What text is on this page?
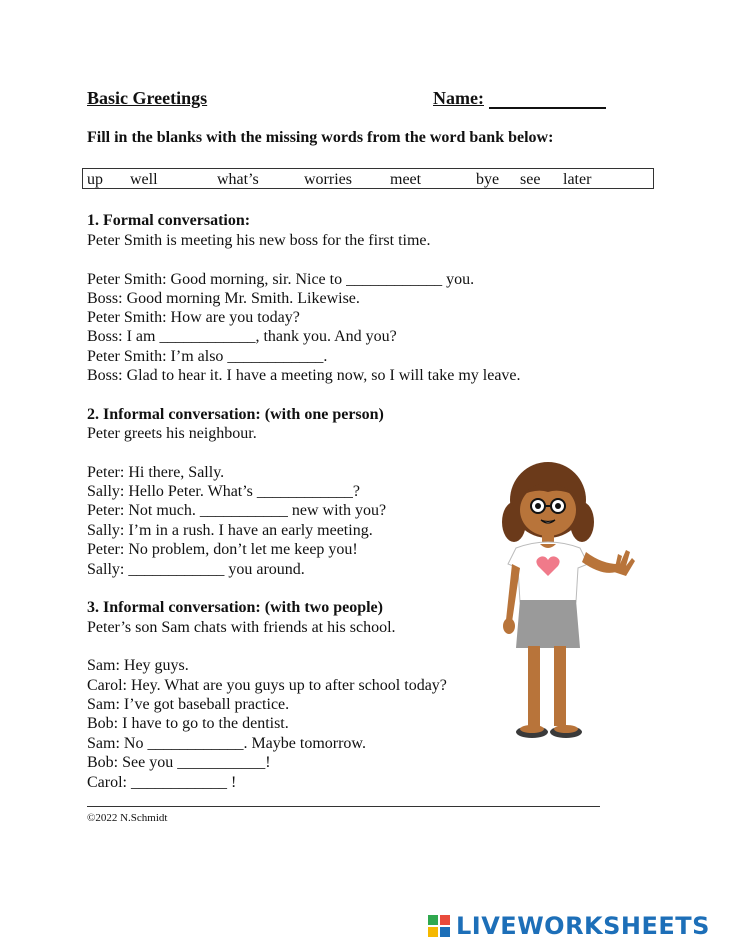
Basic Greetings	Name:
Fill in the blanks with the missing words from the word bank below:
up well	what’s	worries meet	bye see later
1. Formal conversation:
Peter Smith is meeting his new boss for the first time.
Peter Smith: Good morning, sir. Nice to ____________ you.
Boss: Good morning Mr. Smith. Likewise.
Peter Smith: How are you today?
Boss: I am ____________, thank you. And you?
Peter Smith: I’m also ____________.
Boss: Glad to hear it. I have a meeting now, so I will take my leave.
2. Informal conversation: (with one person)
Peter greets his neighbour.
Peter: Hi there, Sally.
Sally: Hello Peter. What’s ____________?
Peter: Not much. ___________ new with you?
Sally: I’m in a rush. I have an early meeting.
Peter: No problem, don’t let me keep you!
Sally: ____________ you around.
3. Informal conversation: (with two people)
Peter’s son Sam chats with friends at his school.
Sam: Hey guys.
Carol: Hey. What are you guys up to after school today?
Sam: I’ve got baseball practice.
Bob: I have to go to the dentist.
Sam: No ____________. Maybe tomorrow.
Bob: See you ___________!
Carol: ____________ !
©2022 N.Schmidt
LIVEWORKSHEETS
